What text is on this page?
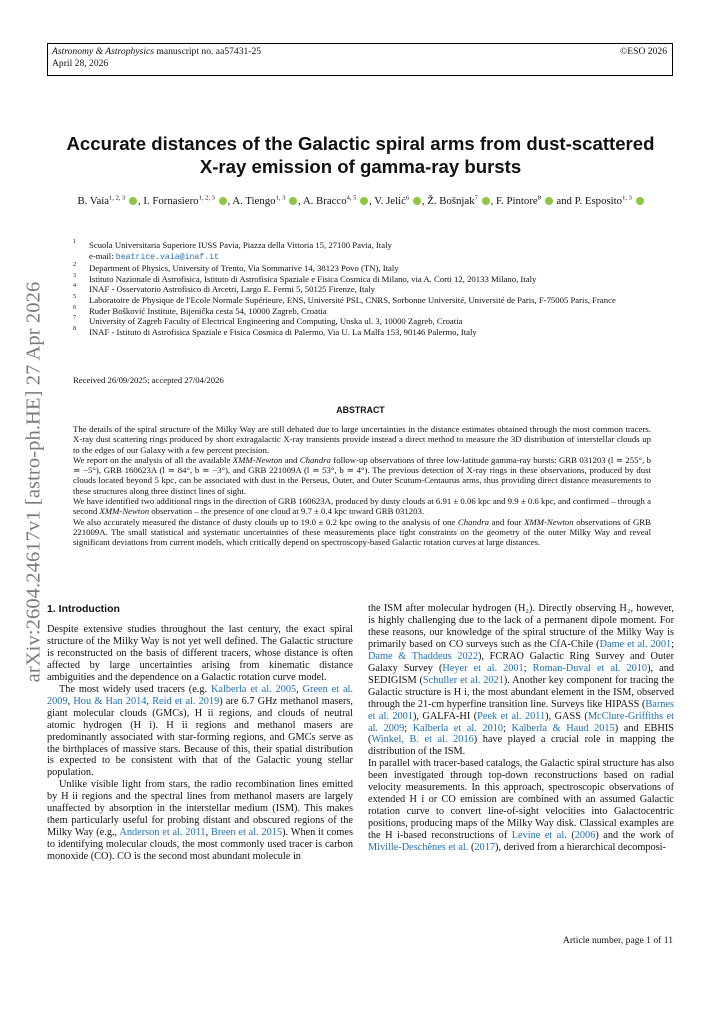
Astronomy & Astrophysics manuscript no. aa57431-25
April 28, 2026
©ESO 2026
arXiv:2604.24617v1 [astro-ph.HE] 27 Apr 2026
Accurate distances of the Galactic spiral arms from dust-scattered
X-ray emission of gamma-ray bursts
B. Vaia$^{1, 2, 3}$ , I. Fornasiero$^{1, 2, 3}$ , A. Tiengo$^{1, 3}$ , A. Bracco$^{4, 5}$ , V. Jelić$^6$ , Ž. Bošnjak$^7$ , F. Pintore$^8$  and P. Esposito$^{1, 3}$
1 Scuola Universitaria Superiore IUSS Pavia, Piazza della Vittoria 15, 27100 Pavia, Italy
e-mail: beatrice.vaia@inaf.it
2 Department of Physics, University of Trento, Via Sommarive 14, 38123 Povo (TN), Italy
3 Istituto Nazionale di Astrofisica, Istituto di Astrofisica Spaziale e Fisica Cosmica di Milano, via A. Corti 12, 20133 Milano, Italy
4 INAF - Osservatorio Astrofisico di Arcetri, Largo E. Fermi 5, 50125 Firenze, Italy
5 Laboratoire de Physique de l'Ecole Normale Supérieure, ENS, Université PSL, CNRS, Sorbonne Université, Université de Paris, F-75005 Paris, France
6 Ruđer Bošković Institute, Bijenička cesta 54, 10000 Zagreb, Croatia
7 University of Zagreb Faculty of Electrical Engineering and Computing, Unska ul. 3, 10000 Zagreb, Croatia
8 INAF - Istituto di Astrofisica Spaziale e Fisica Cosmica di Palermo, Via U. La Malfa 153, 90146 Palermo, Italy
Received 26/09/2025; accepted 27/04/2026
ABSTRACT

The details of the spiral structure of the Milky Way are still debated due to large uncertainties in the distance estimates obtained through the most common tracers. X-ray dust scattering rings produced by short extragalactic X-ray transients provide instead a direct method to measure the 3D distribution of interstellar clouds up to the edges of our Galaxy with a few percent precision.

We report on the analysis of all the available XMM-Newton and Chandra follow-up observations of three low-latitude gamma-ray bursts: GRB 031203 (l ≃ 255°, b ≃ −5°), GRB 160623A (l ≃ 84°, b ≃ −3°), and GRB 221009A (l ≃ 53°, b ≃ 4°). The previous detection of X-ray rings in these observations, produced by dust clouds located beyond 5 kpc, can be associated with dust in the Perseus, Outer, and Outer Scutum-Centaurus arms, thus providing direct distance measurements to these structures along three distinct lines of sight.

We have identified two additional rings in the direction of GRB 160623A, produced by dusty clouds at 6.91 ± 0.06 kpc and 9.9 ± 0.6 kpc, and confirmed – through a second XMM-Newton observation – the presence of one cloud at 9.7 ± 0.4 kpc toward GRB 031203.

We also accurately measured the distance of dusty clouds up to 19.0 ± 0.2 kpc owing to the analysis of one Chandra and four XMM-Newton observations of GRB 221009A. The small statistical and systematic uncertainties of these measurements place tight constraints on the geometry of the outer Milky Way and reveal significant deviations from current models, which critically depend on spectroscopy-based Galactic rotation curves at large distances.

1. Introduction

Despite extensive studies throughout the last century, the exact spiral structure of the Milky Way is not yet well defined. The Galactic structure is reconstructed on the basis of different tracers, whose distance is often affected by large uncertainties arising from kinematic distance ambiguities and the dependence on a Galactic rotation curve model.

The most widely used tracers (e.g. Kalberla et al. 2005, Green et al. 2009, Hou & Han 2014, Reid et al. 2019) are 6.7 GHz methanol masers, giant molecular clouds (GMCs), H ii regions, and clouds of neutral atomic hydrogen (H i). H ii regions and methanol masers are predominantly associated with star-forming regions, and GMCs serve as the birthplaces of massive stars. Because of this, their spatial distribution is expected to be consistent with that of the Galactic young stellar population.

Unlike visible light from stars, the radio recombination lines emitted by H ii regions and the spectral lines from methanol masers are largely unaffected by absorption in the interstellar medium (ISM). This makes them particularly useful for probing distant and obscured regions of the Milky Way (e.g., Anderson et al. 2011, Breen et al. 2015). When it comes to identifying molecular clouds, the most commonly used tracer is carbon monoxide (CO). CO is the second most abundant molecule in

the ISM after molecular hydrogen (H₂). Directly observing H₂, however, is highly challenging due to the lack of a permanent dipole moment. For these reasons, our knowledge of the spiral structure of the Milky Way is primarily based on CO surveys such as the CfA-Chile (Dame et al. 2001; Dame & Thaddeus 2022), FCRAO Galactic Ring Survey and Outer Galaxy Survey (Heyer et al. 2001; Roman-Duval et al. 2010), and SEDIGISM (Schuller et al. 2021). Another key component for tracing the Galactic structure is H i, the most abundant element in the ISM, observed through the 21-cm hyperfine transition line. Surveys like HIPASS (Barnes et al. 2001), GALFA-HI (Peek et al. 2011), GASS (McClure-Griffiths et al. 2009; Kalberla et al. 2010; Kalberla & Haud 2015) and EBHIS (Winkel, B. et al. 2016) have played a crucial role in mapping the distribution of the ISM.

In parallel with tracer-based catalogs, the Galactic spiral structure has also been investigated through top-down reconstructions based on radial velocity measurements. In this approach, spectroscopic observations of extended H i or CO emission are combined with an assumed Galactic rotation curve to convert line-of-sight velocities into Galactocentric positions, producing maps of the Milky Way disk. Classical examples are the H i-based reconstructions of Levine et al. (2006) and the work of Miville-Deschênes et al. (2017), derived from a hierarchical decomposi-

Article number, page 1 of 11
